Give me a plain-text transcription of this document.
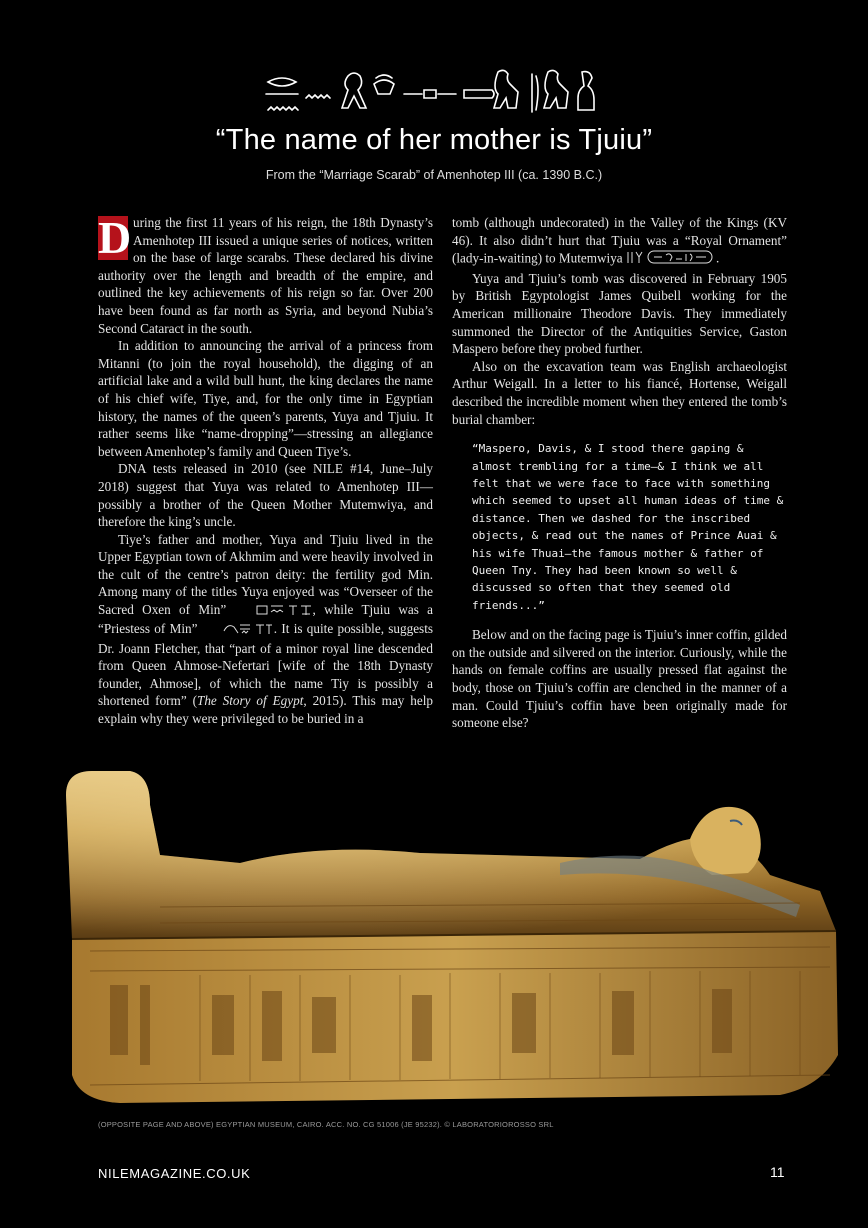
“The name of her mother is Tjuiu”
From the “Marriage Scarab” of Amenhotep III (ca. 1390 B.C.)

D uring the first 11 years of his reign, the 18th Dynasty’s Amenhotep III issued a unique series of notices, written on the base of large scarabs. These declared his divine authority over the length and breadth of the empire, and outlined the key achievements of his reign so far. Over 200 have been found as far north as Syria, and beyond Nubia’s Second Cataract in the south.

In addition to announcing the arrival of a princess from Mitanni (to join the royal household), the digging of an artificial lake and a wild bull hunt, the king declares the name of his chief wife, Tiye, and, for the only time in Egyptian history, the names of the queen’s parents, Yuya and Tjuiu. It rather seems like “name-dropping”—stressing an allegiance between Amenhotep’s family and Queen Tiye’s.

DNA tests released in 2010 (see NILE #14, June–July 2018) suggest that Yuya was related to Amenhotep III—possibly a brother of the Queen Mother Mutemwiya, and therefore the king’s uncle.

Tiye’s father and mother, Yuya and Tjuiu lived in the Upper Egyptian town of Akhmim and were heavily involved in the cult of the centre’s patron deity: the fertility god Min. Among many of the titles Yuya enjoyed was “Overseer of the Sacred Oxen of Min”	, while Tjuiu was a “Priestess of Min”	. It is quite possible, suggests Dr. Joann Fletcher, that “part of a minor royal line descended from Queen Ahmose-Nefertari [wife of the 18th Dynasty founder, Ahmose], of which the name Tiy is possibly a shortened form” (The Story of Egypt, 2015). This may help explain why they were privileged to be buried in a

tomb (although undecorated) in the Valley of the Kings (KV 46). It also didn’t hurt that Tjuiu was a “Royal Ornament” (lady-in-waiting) to Mutemwiya	.

Yuya and Tjuiu’s tomb was discovered in February 1905 by British Egyptologist James Quibell working for the American millionaire Theodore Davis. They immediately summoned the Director of the Antiquities Service, Gaston Maspero before they probed further.

Also on the excavation team was English archaeologist Arthur Weigall. In a letter to his fiancé, Hortense, Weigall described the incredible moment when they entered the tomb’s burial chamber:

“Maspero, Davis, & I stood there gaping & almost trembling for a time—& I think we all felt that we were face to face with something which seemed to upset all human ideas of time & distance. Then we dashed for the inscribed objects, & read out the names of Prince Auai & his wife Thuai—the famous mother & father of Queen Tny. They had been known so well & discussed so often that they seemed old friends...”

Below and on the facing page is Tjuiu’s inner coffin, gilded on the outside and silvered on the interior. Curiously, while the hands on female coffins are usually pressed flat against the body, those on Tjuiu’s coffin are clenched in the manner of a man. Could Tjuiu’s coffin have been originally made for someone else?

(OPPOSITE PAGE AND ABOVE) EGYPTIAN MUSEUM, CAIRO. ACC. NO. CG 51006 (JE 95232). © LABORATORIOROSSO SRL
NILEMAGAZINE.CO.UK	11
